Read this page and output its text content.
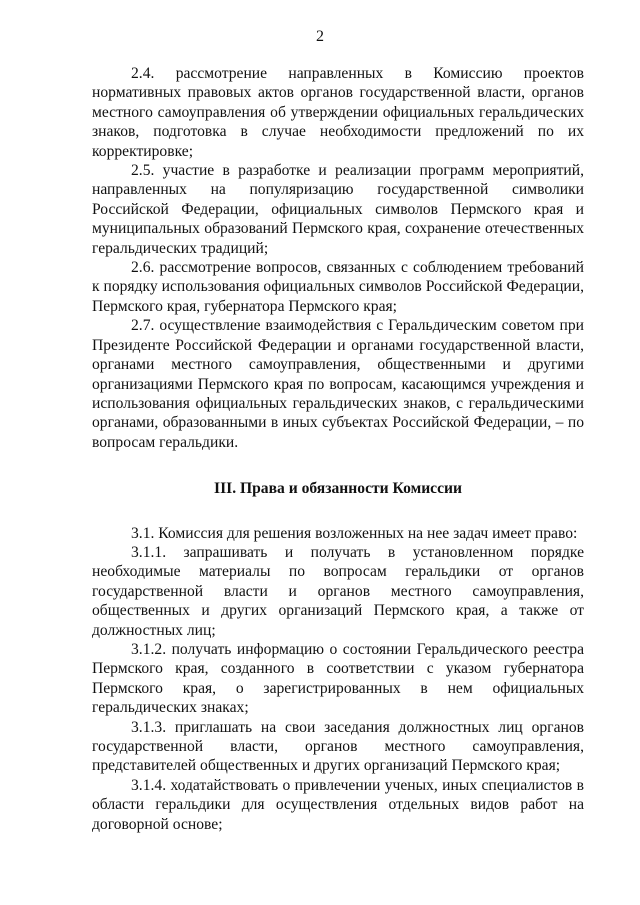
2

2.4. рассмотрение направленных в Комиссию проектов нормативных правовых актов органов государственной власти, органов местного самоуправления об утверждении официальных геральдических знаков, подготовка в случае необходимости предложений по их корректировке;

2.5. участие в разработке и реализации программ мероприятий, направленных на популяризацию государственной символики Российской Федерации, официальных символов Пермского края и муниципальных образований Пермского края, сохранение отечественных геральдических традиций;

2.6. рассмотрение вопросов, связанных с соблюдением требований к порядку использования официальных символов Российской Федерации, Пермского края, губернатора Пермского края;

2.7. осуществление взаимодействия с Геральдическим советом при Президенте Российской Федерации и органами государственной власти, органами местного самоуправления, общественными и другими организациями Пермского края по вопросам, касающимся учреждения и использования официальных геральдических знаков, с геральдическими органами, образованными в иных субъектах Российской Федерации, – по вопросам геральдики.

III. Права и обязанности Комиссии

3.1. Комиссия для решения возложенных на нее задач имеет право:

3.1.1. запрашивать и получать в установленном порядке необходимые материалы по вопросам геральдики от органов государственной власти и органов местного самоуправления, общественных и других организаций Пермского края, а также от должностных лиц;

3.1.2. получать информацию о состоянии Геральдического реестра Пермского края, созданного в соответствии с указом губернатора Пермского края, о зарегистрированных в нем официальных геральдических знаках;

3.1.3. приглашать на свои заседания должностных лиц органов государственной власти, органов местного самоуправления, представителей общественных и других организаций Пермского края;

3.1.4. ходатайствовать о привлечении ученых, иных специалистов в области геральдики для осуществления отдельных видов работ на договорной основе;
